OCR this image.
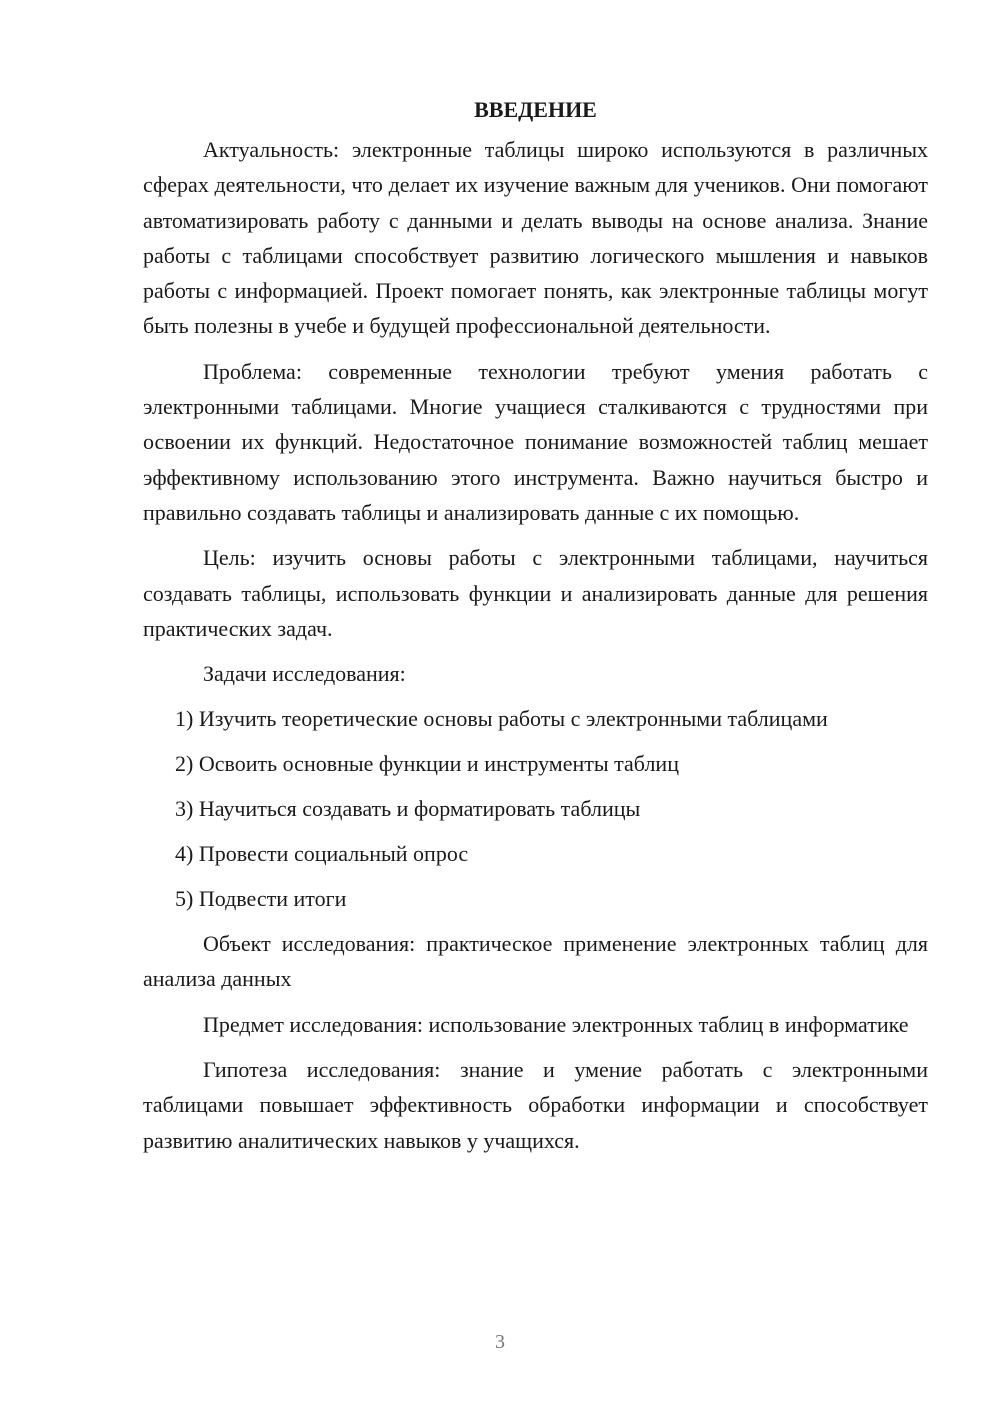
ВВЕДЕНИЕ

Актуальность: электронные таблицы широко используются в различных сферах деятельности, что делает их изучение важным для учеников. Они помогают автоматизировать работу с данными и делать выводы на основе анализа. Знание работы с таблицами способствует развитию логического мышления и навыков работы с информацией. Проект помогает понять, как электронные таблицы могут быть полезны в учебе и будущей профессиональной деятельности.

Проблема: современные технологии требуют умения работать с электронными таблицами. Многие учащиеся сталкиваются с трудностями при освоении их функций. Недостаточное понимание возможностей таблиц мешает эффективному использованию этого инструмента. Важно научиться быстро и правильно создавать таблицы и анализировать данные с их помощью.

Цель: изучить основы работы с электронными таблицами, научиться создавать таблицы, использовать функции и анализировать данные для решения практических задач.

Задачи исследования:
1) Изучить теоретические основы работы с электронными таблицами
2) Освоить основные функции и инструменты таблиц
3) Научиться создавать и форматировать таблицы
4) Провести социальный опрос
5) Подвести итоги

Объект исследования: практическое применение электронных таблиц для анализа данных

Предмет исследования: использование электронных таблиц в информатике

Гипотеза исследования: знание и умение работать с электронными таблицами повышает эффективность обработки информации и способствует развитию аналитических навыков у учащихся.

3
